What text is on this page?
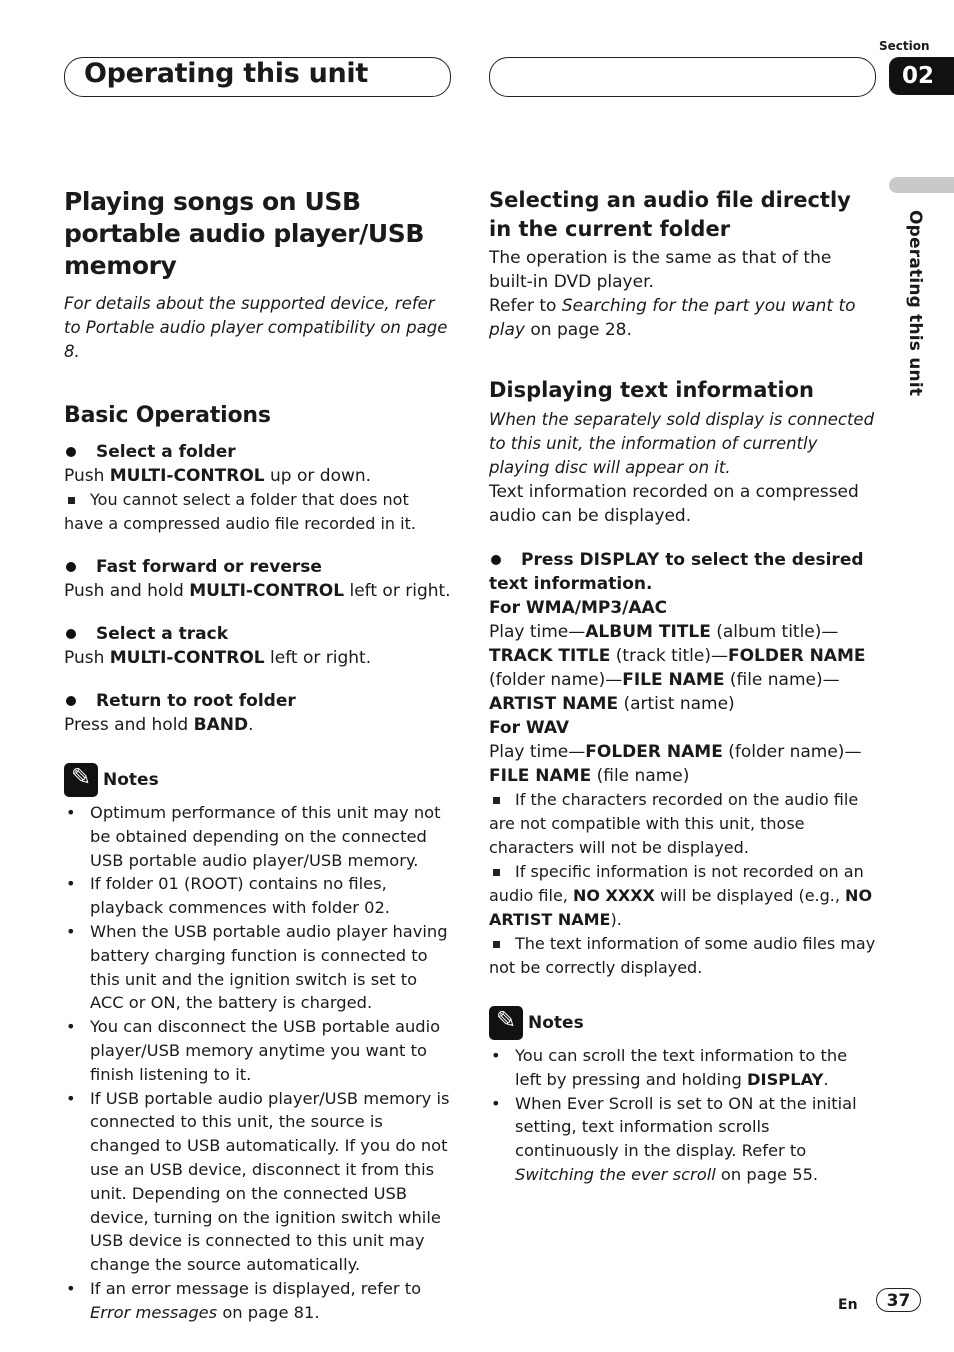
Operating this unit
Section
02
Operating this unit
Playing songs on USB portable audio player/USB memory

For details about the supported device, refer to Portable audio player compatibility on page 8.

Basic Operations
Select a folder

Push MULTI-CONTROL up or down.

You cannot select a folder that does not have a compressed audio file recorded in it.
Fast forward or reverse

Push and hold MULTI-CONTROL left or right.

Select a track

Push MULTI-CONTROL left or right.

Return to root folder

Press and hold BAND.

✎
Notes
• Optimum performance of this unit may not be obtained depending on the connected USB portable audio player/USB memory.
• If folder 01 (ROOT) contains no files, playback commences with folder 02.
• When the USB portable audio player having battery charging function is connected to this unit and the ignition switch is set to ACC or ON, the battery is charged.
• You can disconnect the USB portable audio player/USB memory anytime you want to finish listening to it.
• If USB portable audio player/USB memory is connected to this unit, the source is changed to USB automatically. If you do not use an USB device, disconnect it from this unit. Depending on the connected USB device, turning on the ignition switch while USB device is connected to this unit may change the source automatically.
• If an error message is displayed, refer to Error messages on page 81.
Selecting an audio file directly in the current folder

The operation is the same as that of the built-in DVD player.

Refer to Searching for the part you want to play on page 28.

Displaying text information

When the separately sold display is connected to this unit, the information of currently playing disc will appear on it.

Text information recorded on a compressed audio can be displayed.

Press DISPLAY to select the desired text information.

For WMA/MP3/AAC

Play time—ALBUM TITLE (album title)—TRACK TITLE (track title)—FOLDER NAME (folder name)—FILE NAME (file name)—ARTIST NAME (artist name)

For WAV

Play time—FOLDER NAME (folder name)—FILE NAME (file name)

If the characters recorded on the audio file are not compatible with this unit, those characters will not be displayed.
If specific information is not recorded on an audio file, NO XXXX will be displayed (e.g., NO ARTIST NAME).
The text information of some audio files may not be correctly displayed.
✎
Notes
• You can scroll the text information to the left by pressing and holding DISPLAY.
• When Ever Scroll is set to ON at the initial setting, text information scrolls continuously in the display. Refer to Switching the ever scroll on page 55.
En	37
